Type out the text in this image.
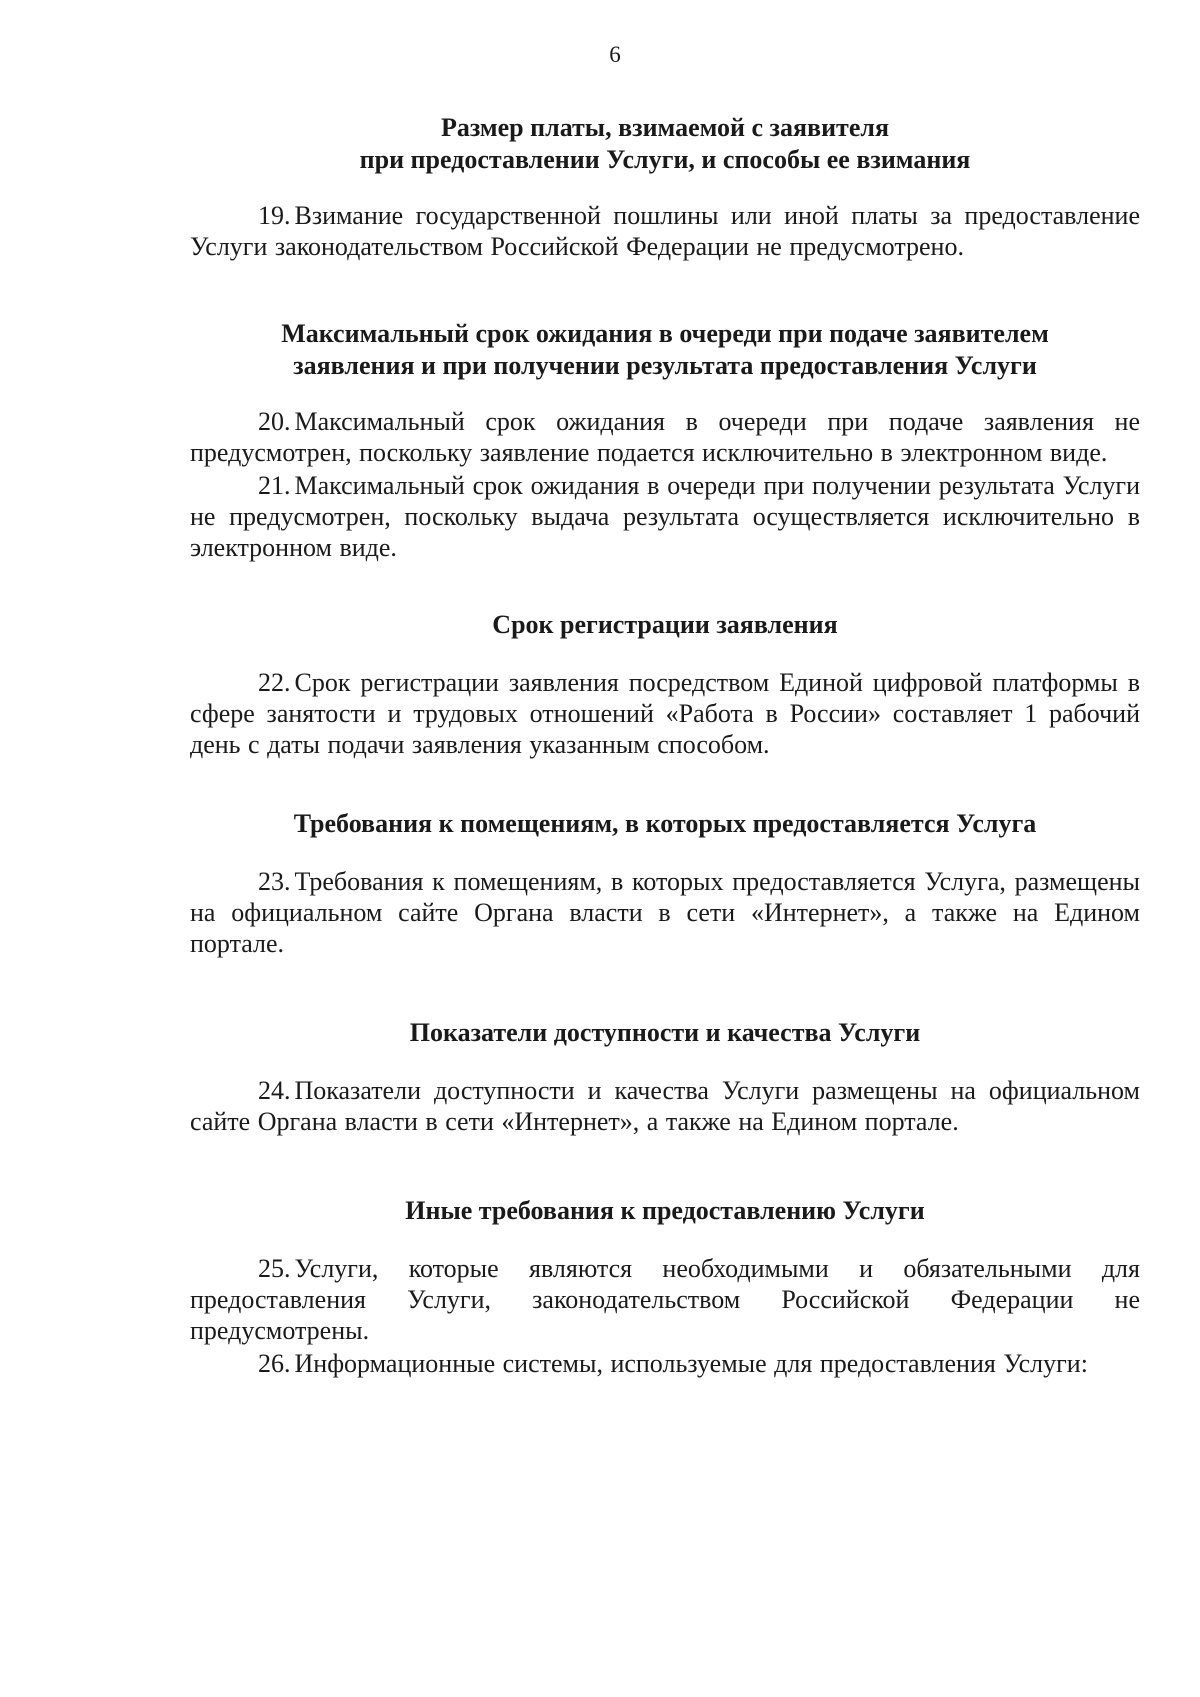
6
Размер платы, взимаемой с заявителя
при предоставлении Услуги, и способы ее взимания

19. Взимание государственной пошлины или иной платы за предоставление Услуги законодательством Российской Федерации не предусмотрено.

Максимальный срок ожидания в очереди при подаче заявителем
заявления и при получении результата предоставления Услуги

20. Максимальный срок ожидания в очереди при подаче заявления не предусмотрен, поскольку заявление подается исключительно в электронном виде.

21. Максимальный срок ожидания в очереди при получении результата Услуги не предусмотрен, поскольку выдача результата осуществляется исключительно в электронном виде.

Срок регистрации заявления

22. Срок регистрации заявления посредством Единой цифровой платформы в сфере занятости и трудовых отношений «Работа в России» составляет 1 рабочий день с даты подачи заявления указанным способом.

Требования к помещениям, в которых предоставляется Услуга

23. Требования к помещениям, в которых предоставляется Услуга, размещены на официальном сайте Органа власти в сети «Интернет», а также на Едином портале.

Показатели доступности и качества Услуги

24. Показатели доступности и качества Услуги размещены на официальном сайте Органа власти в сети «Интернет», а также на Едином портале.

Иные требования к предоставлению Услуги

25. Услуги, которые являются необходимыми и обязательными для предоставления Услуги, законодательством Российской Федерации не предусмотрены.

26. Информационные системы, используемые для предоставления Услуги:
